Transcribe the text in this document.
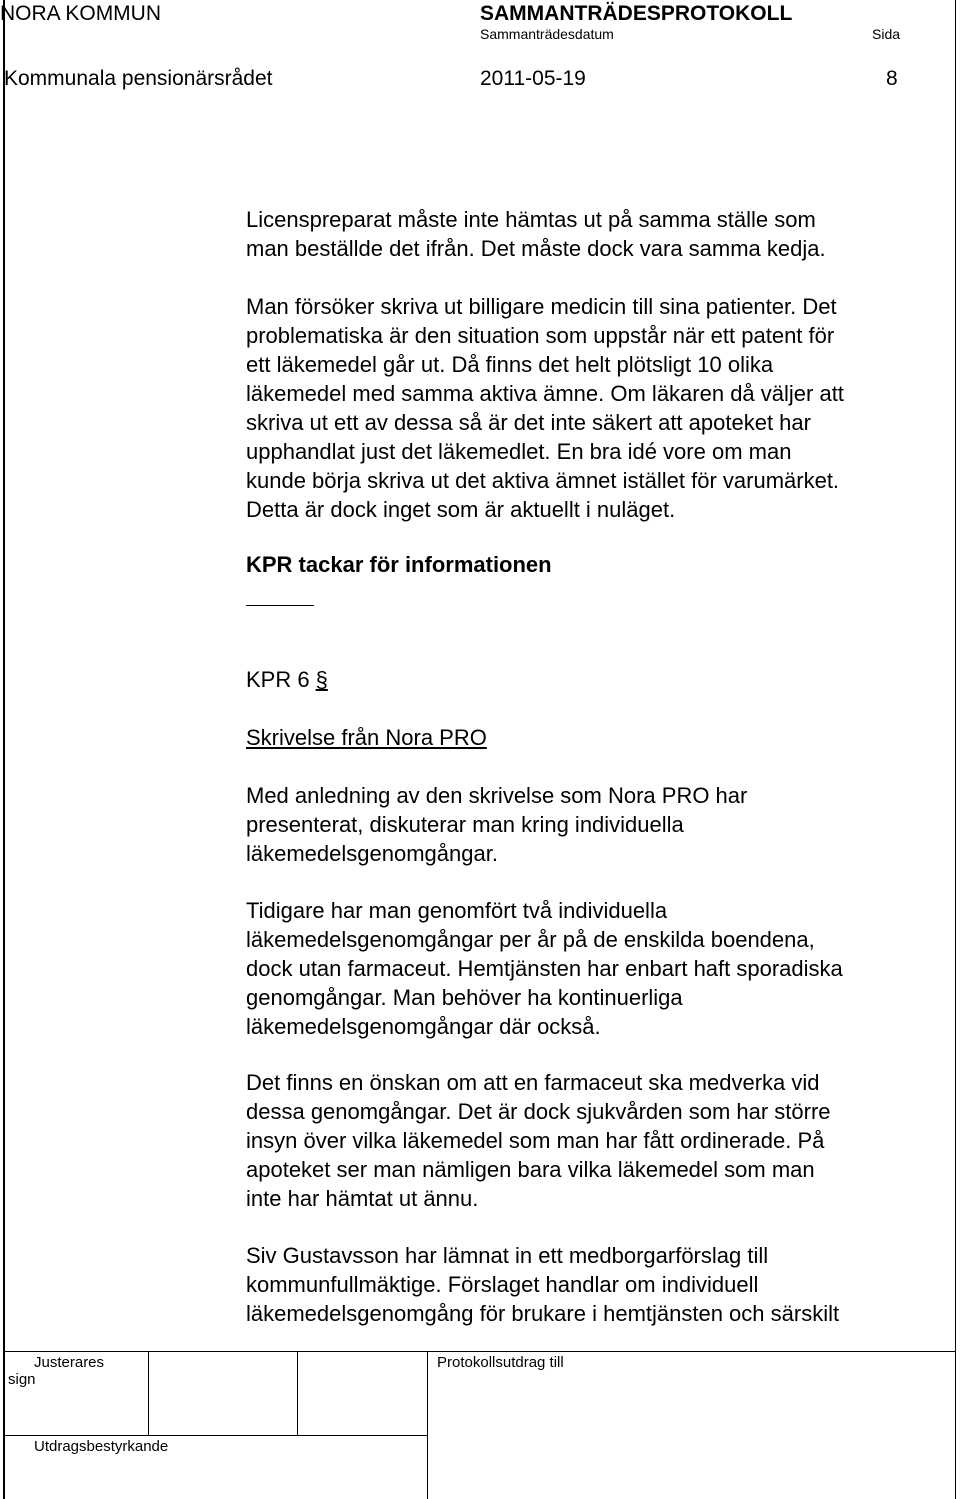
NORA KOMMUN	SAMMANTRÄDESPROTOKOLL
Sammanträdesdatum	Sida
Kommunala pensionärsrådet	2011-05-19	8

Licenspreparat måste inte hämtas ut på samma ställe som

man beställde det ifrån. Det måste dock vara samma kedja.

Man försöker skriva ut billigare medicin till sina patienter. Det

problematiska är den situation som uppstår när ett patent för

ett läkemedel går ut. Då finns det helt plötsligt 10 olika

läkemedel med samma aktiva ämne. Om läkaren då väljer att

skriva ut ett av dessa så är det inte säkert att apoteket har

upphandlat just det läkemedlet. En bra idé vore om man

kunde börja skriva ut det aktiva ämnet istället för varumärket.

Detta är dock inget som är aktuellt i nuläget.

KPR tackar för informationen

KPR 6 §

Skrivelse från Nora PRO

Med anledning av den skrivelse som Nora PRO har

presenterat, diskuterar man kring individuella

läkemedelsgenomgångar.

Tidigare har man genomfört två individuella

läkemedelsgenomgångar per år på de enskilda boendena,

dock utan farmaceut. Hemtjänsten har enbart haft sporadiska

genomgångar. Man behöver ha kontinuerliga

läkemedelsgenomgångar där också.

Det finns en önskan om att en farmaceut ska medverka vid

dessa genomgångar. Det är dock sjukvården som har större

insyn över vilka läkemedel som man har fått ordinerade. På

apoteket ser man nämligen bara vilka läkemedel som man

inte har hämtat ut ännu.

Siv Gustavsson har lämnat in ett medborgarförslag till

kommunfullmäktige. Förslaget handlar om individuell

läkemedelsgenomgång för brukare i hemtjänsten och särskilt

Justerares
sign
Protokollsutdrag till
Utdragsbestyrkande
